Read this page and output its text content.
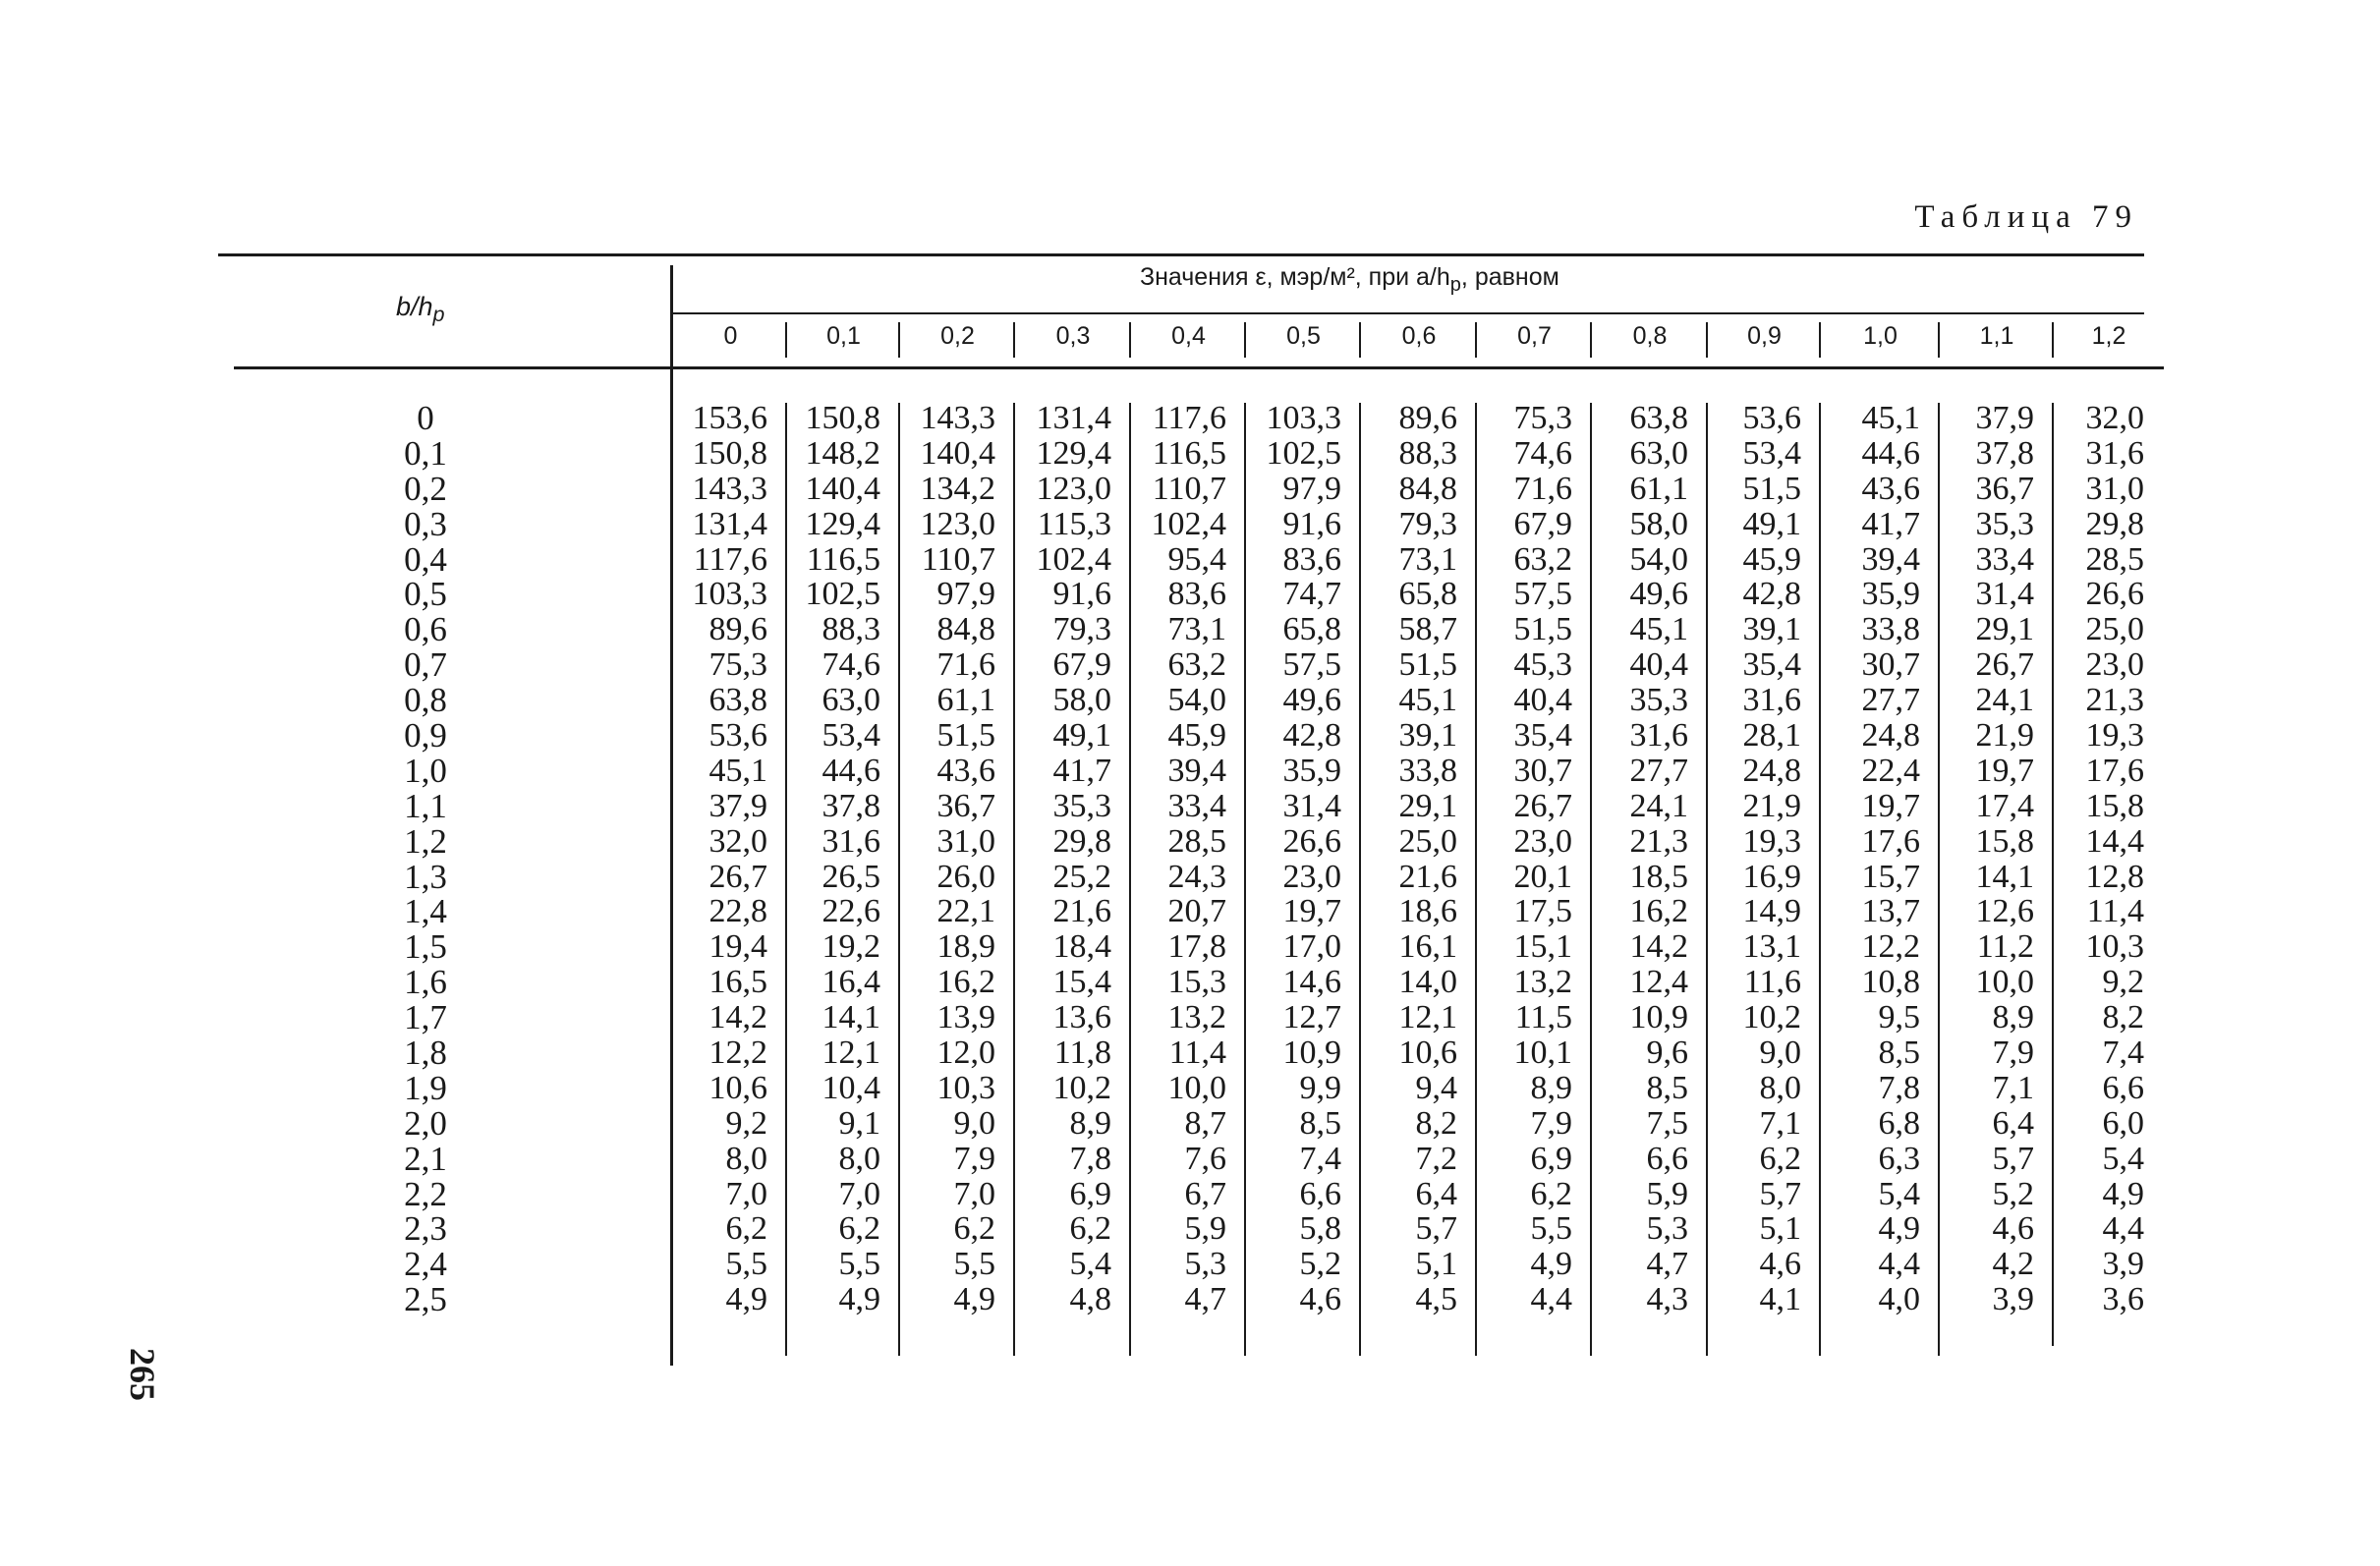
Таблица 79
265
$b/h_р$
Значения ε, мэр/м², при $a/h_р$, равном
0
0,1
0,2
0,3
0,4
0,5
0,6
0,7
0,8
0,9
1,0
1,1
1,2
1,3
1,4
1,5
1,6
1,7
1,8
1,9
2,0
2,1
2,2
2,3
2,4
2,5
0
153,6
150,8
143,3
131,4
117,6
103,3
89,6
75,3
63,8
53,6
45,1
37,9
32,0
26,7
22,8
19,4
16,5
14,2
12,2
10,6
9,2
8,0
7,0
6,2
5,5
4,9
0,1
150,8
148,2
140,4
129,4
116,5
102,5
88,3
74,6
63,0
53,4
44,6
37,8
31,6
26,5
22,6
19,2
16,4
14,1
12,1
10,4
9,1
8,0
7,0
6,2
5,5
4,9
0,2
143,3
140,4
134,2
123,0
110,7
97,9
84,8
71,6
61,1
51,5
43,6
36,7
31,0
26,0
22,1
18,9
16,2
13,9
12,0
10,3
9,0
7,9
7,0
6,2
5,5
4,9
0,3
131,4
129,4
123,0
115,3
102,4
91,6
79,3
67,9
58,0
49,1
41,7
35,3
29,8
25,2
21,6
18,4
15,4
13,6
11,8
10,2
8,9
7,8
6,9
6,2
5,4
4,8
0,4
117,6
116,5
110,7
102,4
95,4
83,6
73,1
63,2
54,0
45,9
39,4
33,4
28,5
24,3
20,7
17,8
15,3
13,2
11,4
10,0
8,7
7,6
6,7
5,9
5,3
4,7
0,5
103,3
102,5
97,9
91,6
83,6
74,7
65,8
57,5
49,6
42,8
35,9
31,4
26,6
23,0
19,7
17,0
14,6
12,7
10,9
9,9
8,5
7,4
6,6
5,8
5,2
4,6
0,6
89,6
88,3
84,8
79,3
73,1
65,8
58,7
51,5
45,1
39,1
33,8
29,1
25,0
21,6
18,6
16,1
14,0
12,1
10,6
9,4
8,2
7,2
6,4
5,7
5,1
4,5
0,7
75,3
74,6
71,6
67,9
63,2
57,5
51,5
45,3
40,4
35,4
30,7
26,7
23,0
20,1
17,5
15,1
13,2
11,5
10,1
8,9
7,9
6,9
6,2
5,5
4,9
4,4
0,8
63,8
63,0
61,1
58,0
54,0
49,6
45,1
40,4
35,3
31,6
27,7
24,1
21,3
18,5
16,2
14,2
12,4
10,9
9,6
8,5
7,5
6,6
5,9
5,3
4,7
4,3
0,9
53,6
53,4
51,5
49,1
45,9
42,8
39,1
35,4
31,6
28,1
24,8
21,9
19,3
16,9
14,9
13,1
11,6
10,2
9,0
8,0
7,1
6,2
5,7
5,1
4,6
4,1
1,0
45,1
44,6
43,6
41,7
39,4
35,9
33,8
30,7
27,7
24,8
22,4
19,7
17,6
15,7
13,7
12,2
10,8
9,5
8,5
7,8
6,8
6,3
5,4
4,9
4,4
4,0
1,1
37,9
37,8
36,7
35,3
33,4
31,4
29,1
26,7
24,1
21,9
19,7
17,4
15,8
14,1
12,6
11,2
10,0
8,9
7,9
7,1
6,4
5,7
5,2
4,6
4,2
3,9
1,2
32,0
31,6
31,0
29,8
28,5
26,6
25,0
23,0
21,3
19,3
17,6
15,8
14,4
12,8
11,4
10,3
9,2
8,2
7,4
6,6
6,0
5,4
4,9
4,4
3,9
3,6
